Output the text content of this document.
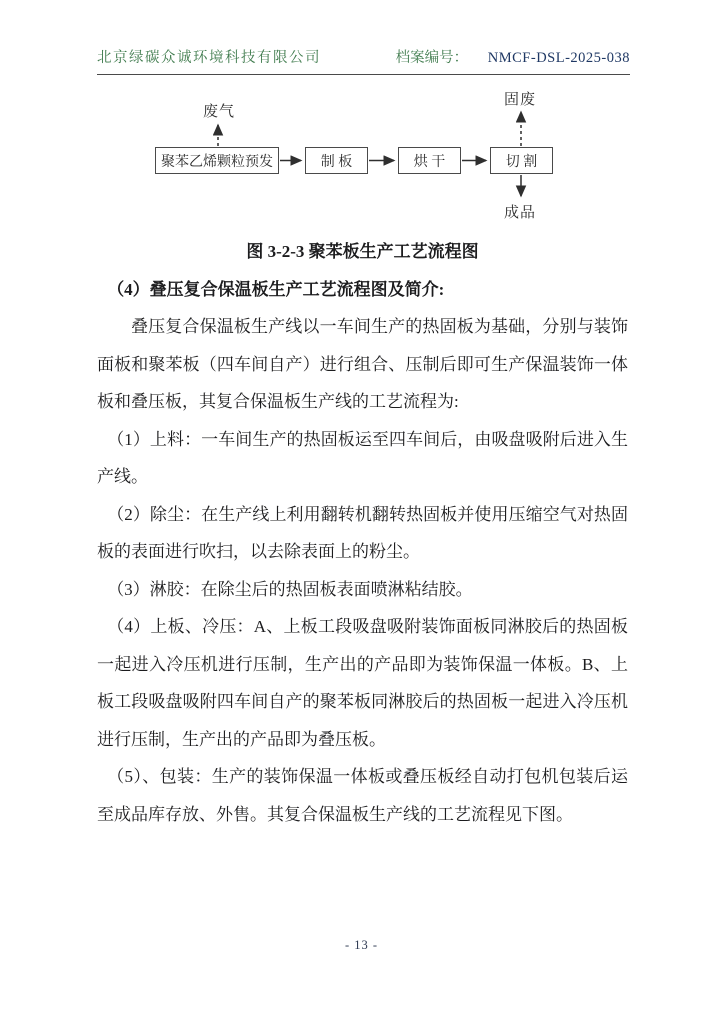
北京绿碳众诚环境科技有限公司	档案编号： NMCF-DSL-2025-038
废气
固废
成品
聚苯乙烯颗粒预发	制 板	烘 干	切 割

图 3-2-3 聚苯板生产工艺流程图

（4）叠压复合保温板生产工艺流程图及简介:

叠压复合保温板生产线以一车间生产的热固板为基础，分别与装饰面板和聚苯板（四车间自产）进行组合、压制后即可生产保温装饰一体板和叠压板，其复合保温板生产线的工艺流程为:

（1）上料：一车间生产的热固板运至四车间后，由吸盘吸附后进入生产线。

（2）除尘：在生产线上利用翻转机翻转热固板并使用压缩空气对热固板的表面进行吹扫，以去除表面上的粉尘。

（3）淋胶：在除尘后的热固板表面喷淋粘结胶。

（4）上板、冷压：A、上板工段吸盘吸附装饰面板同淋胶后的热固板一起进入冷压机进行压制，生产出的产品即为装饰保温一体板。B、上板工段吸盘吸附四车间自产的聚苯板同淋胶后的热固板一起进入冷压机进行压制，生产出的产品即为叠压板。

（5）、包装：生产的装饰保温一体板或叠压板经自动打包机包装后运至成品库存放、外售。其复合保温板生产线的工艺流程见下图。

- 13 -
